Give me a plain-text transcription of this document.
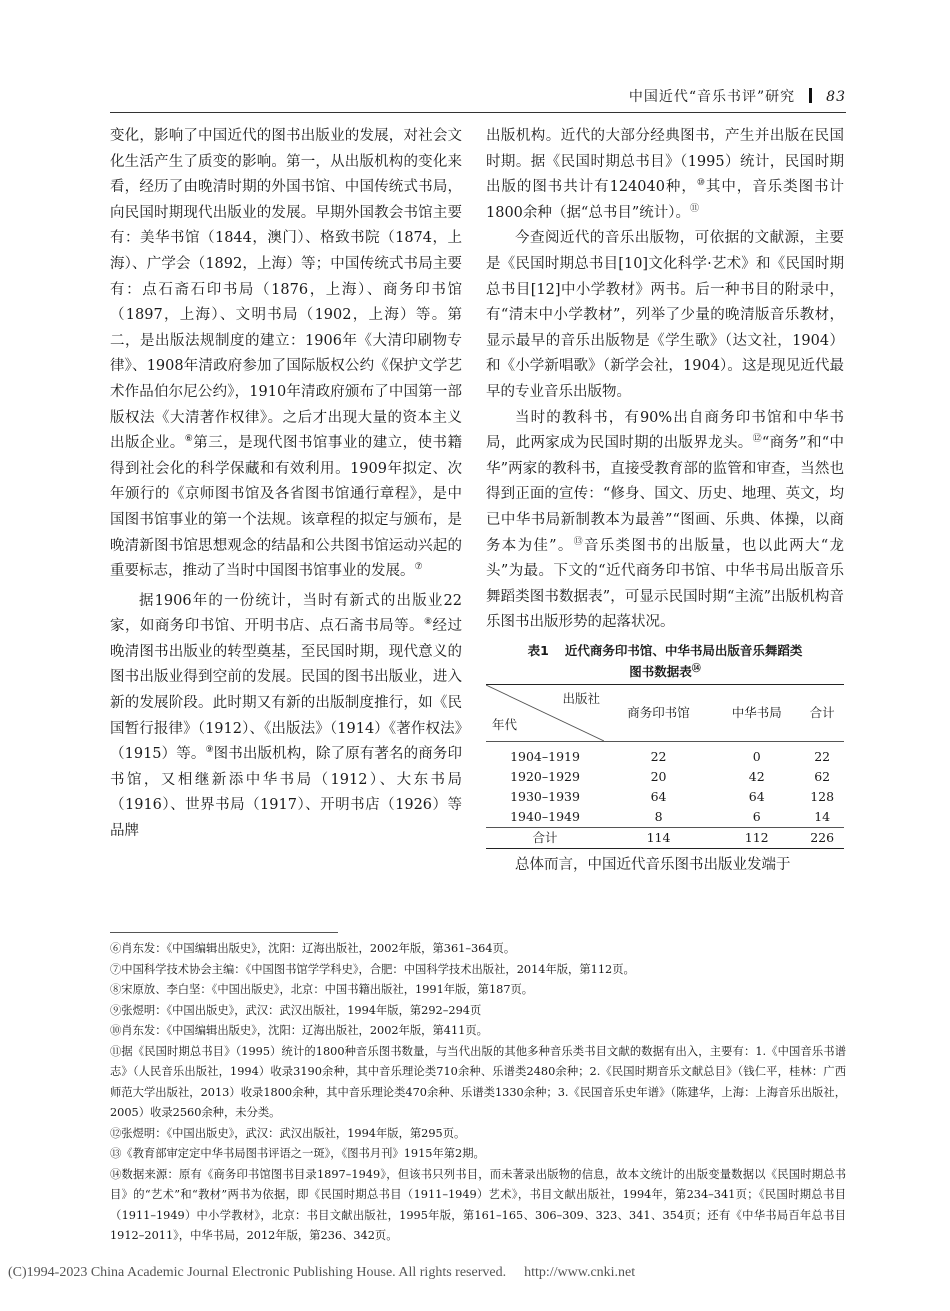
中国近代“音乐书评”研究 83

变化，影响了中国近代的图书出版业的发展，对社会文化生活产生了质变的影响。第一，从出版机构的变化来看，经历了由晚清时期的外国书馆、中国传统式书局，向民国时期现代出版业的发展。早期外国教会书馆主要有：美华书馆（1844，澳门）、格致书院（1874，上海）、广学会（1892，上海）等；中国传统式书局主要有：点石斋石印书局（1876，上海）、商务印书馆（1897，上海）、文明书局（1902，上海）等。第二，是出版法规制度的建立：1906年《大清印刷物专律》、1908年清政府参加了国际版权公约《保护文学艺术作品伯尔尼公约》，1910年清政府颁布了中国第一部版权法《大清著作权律》。之后才出现大量的资本主义出版企业。⑥第三，是现代图书馆事业的建立，使书籍得到社会化的科学保藏和有效利用。1909年拟定、次年颁行的《京师图书馆及各省图书馆通行章程》，是中国图书馆事业的第一个法规。该章程的拟定与颁布，是晚清新图书馆思想观念的结晶和公共图书馆运动兴起的重要标志，推动了当时中国图书馆事业的发展。⑦

据1906年的一份统计，当时有新式的出版业22家，如商务印书馆、开明书店、点石斋书局等。⑧经过晚清图书出版业的转型奠基，至民国时期，现代意义的图书出版业得到空前的发展。民国的图书出版业，进入新的发展阶段。此时期又有新的出版制度推行，如《民国暂行报律》（1912）、《出版法》（1914）《著作权法》（1915）等。⑨图书出版机构，除了原有著名的商务印书馆，又相继新添中华书局（1912）、大东书局（1916）、世界书局（1917）、开明书店（1926）等品牌

出版机构。近代的大部分经典图书，产生并出版在民国时期。据《民国时期总书目》（1995）统计，民国时期出版的图书共计有124040种，⑩其中，音乐类图书计1800余种（据“总书目”统计）。⑪

今查阅近代的音乐出版物，可依据的文献源，主要是《民国时期总书目[10]文化科学·艺术》和《民国时期总书目[12]中小学教材》两书。后一种书目的附录中，有“清末中小学教材”，列举了少量的晚清版音乐教材，显示最早的音乐出版物是《学生歌》（达文社，1904）和《小学新唱歌》（新学会社，1904）。这是现见近代最早的专业音乐出版物。

当时的教科书，有90%出自商务印书馆和中华书局，此两家成为民国时期的出版界龙头。⑫“商务”和“中华”两家的教科书，直接受教育部的监管和审查，当然也得到正面的宣传：“修身、国文、历史、地理、英文，均已中华书局新制教本为最善”“图画、乐典、体操，以商务本为佳”。⑬音乐类图书的出版量，也以此两大“龙头”为最。下文的“近代商务印书馆、中华书局出版音乐舞蹈类图书数据表”，可显示民国时期“主流”出版机构音乐图书出版形势的起落状况。

表1 近代商务印书馆、中华书局出版音乐舞蹈类
图书数据表⑭
出版社
年代	商务印书馆	中华书局	合计

1904–1919	22	0	22
1920–1929	20	42	62
1930–1939	64	64	128
1940–1949	8	6	14
合计	114	112	226

总体而言，中国近代音乐图书出版业发端于

⑥肖东发：《中国编辑出版史》，沈阳：辽海出版社，2002年版，第361–364页。

⑦中国科学技术协会主编：《中国图书馆学学科史》，合肥：中国科学技术出版社，2014年版，第112页。

⑧宋原放、李白坚：《中国出版史》，北京：中国书籍出版社，1991年版，第187页。

⑨张煜明：《中国出版史》，武汉：武汉出版社，1994年版，第292–294页

⑩肖东发：《中国编辑出版史》，沈阳：辽海出版社，2002年版，第411页。

⑪据《民国时期总书目》（1995）统计的1800种音乐图书数量，与当代出版的其他多种音乐类书目文献的数据有出入，主要有：1.《中国音乐书谱志》（人民音乐出版社，1994）收录3190余种，其中音乐理论类710余种、乐谱类2480余种；2.《民国时期音乐文献总目》（钱仁平，桂林：广西师范大学出版社，2013）收录1800余种，其中音乐理论类470余种、乐谱类1330余种；3.《民国音乐史年谱》（陈建华，上海：上海音乐出版社，2005）收录2560余种，未分类。

⑫张煜明：《中国出版史》，武汉：武汉出版社，1994年版，第295页。

⑬《教育部审定定中华书局图书评语之一斑》，《图书月刊》1915年第2期。

⑭数据来源：原有《商务印书馆图书目录1897–1949》，但该书只列书目，而未著录出版物的信息，故本文统计的出版变量数据以《民国时期总书目》的“艺术”和“教材”两书为依据，即《民国时期总书目（1911–1949）艺术》，书目文献出版社，1994年，第234–341页；《民国时期总书目（1911–1949）中小学教材》，北京：书目文献出版社，1995年版，第161–165、306–309、323、341、354页；还有《中华书局百年总书目1912–2011》，中华书局，2012年版，第236、342页。

(C)1994-2023 China Academic Journal Electronic Publishing House. All rights reserved. http://www.cnki.net
